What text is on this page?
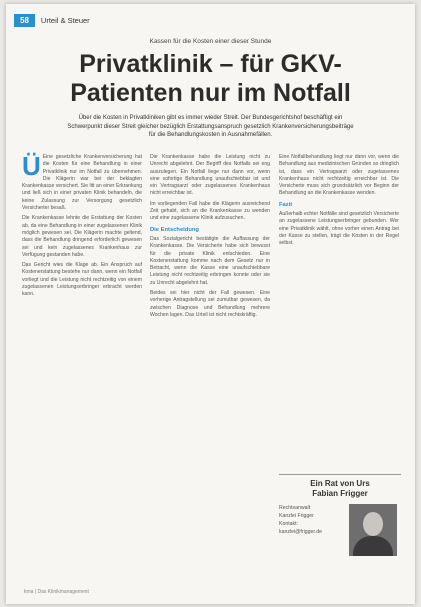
58	Urteil & Steuer
Kassen für die Kosten einer dieser Stunde
Privatklinik – für GKV-
Patienten nur im Notfall
Über die Kosten in Privatkliniken gibt es immer wieder Streit. Der Bundesgerichtshof beschäftigt ein Schwerpunkt dieser Streit gleicher bezüglich Erstattungsanspruch gesetzlich Krankenversicherungsbeiträge für die Behandlungskosten in Ausnahmefällen.
Ü Eine gesetzliche Krankenversicherung hat die Kosten für eine Behandlung in einer Privatklinik nur im Notfall zu übernehmen. Die Klägerin war bei der beklagten Krankenkasse versichert. Sie litt an einer Erkrankung und ließ sich in einer privaten Klinik behandeln, die keine Zulassung zur Versorgung gesetzlich Versicherter besaß.

Die Krankenkasse lehnte die Erstattung der Kosten ab, da eine Behandlung in einer zugelassenen Klinik möglich gewesen sei. Die Klägerin machte geltend, dass die Behandlung dringend erforderlich gewesen sei und kein zugelassenes Krankenhaus zur Verfügung gestanden habe.

Das Gericht wies die Klage ab. Ein Anspruch auf Kostenerstattung bestehe nur dann, wenn ein Notfall vorliegt und die Leistung nicht rechtzeitig von einem zugelassenen Leistungserbringer erbracht werden kann.

Die Krankenkasse habe die Leistung nicht zu Unrecht abgelehnt. Der Begriff des Notfalls sei eng auszulegen. Ein Notfall liege nur dann vor, wenn eine sofortige Behandlung unaufschiebbar ist und ein Vertragsarzt oder zugelassenes Krankenhaus nicht erreichbar ist.

Im vorliegenden Fall habe die Klägerin ausreichend Zeit gehabt, sich an die Krankenkasse zu wenden und eine zugelassene Klinik aufzusuchen.

Die Entscheidung

Das Sozialgericht bestätigte die Auffassung der Krankenkasse. Die Versicherte habe sich bewusst für die private Klinik entschieden. Eine Kostenerstattung komme nach dem Gesetz nur in Betracht, wenn die Kasse eine unaufschiebbare Leistung nicht rechtzeitig erbringen konnte oder sie zu Unrecht abgelehnt hat.

Beides sei hier nicht der Fall gewesen. Eine vorherige Antragstellung sei zumutbar gewesen, da zwischen Diagnose und Behandlung mehrere Wochen lagen. Das Urteil ist nicht rechtskräftig.

Eine Notfallbehandlung liegt nur dann vor, wenn die Behandlung aus medizinischen Gründen so dringlich ist, dass ein Vertragsarzt oder zugelassenes Krankenhaus nicht rechtzeitig erreichbar ist. Die Versicherte muss sich grundsätzlich vor Beginn der Behandlung an die Krankenkasse wenden.

Fazit

Außerhalb echter Notfälle sind gesetzlich Versicherte an zugelassene Leistungserbringer gebunden. Wer eine Privatklinik wählt, ohne vorher einen Antrag bei der Kasse zu stellen, trägt die Kosten in der Regel selbst.

Ein Rat von Urs
Fabian Frigger
Rechtsanwalt
Kanzlei Frigger
Kontakt:
kanzlei@frigger.de
kma | Das Klinikmanagement
